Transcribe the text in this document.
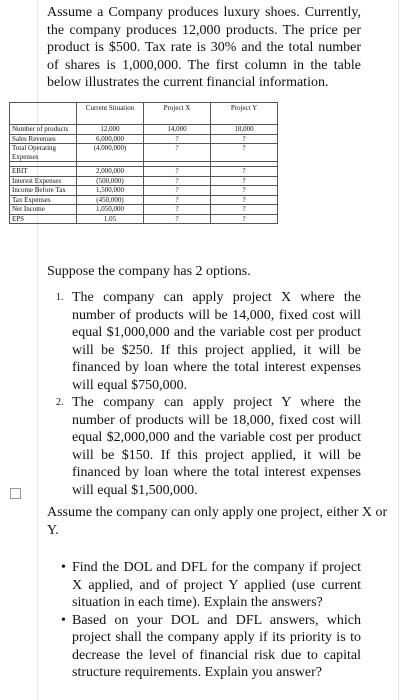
Assume a Company produces luxury shoes. Currently, the company produces 12,000 products. The price per product is $500. Tax rate is 30% and the total number of shares is 1,000,000. The first column in the table below illustrates the current financial information.

	Current Situation	Project X	Project Y
Number of products	12,000	14,000	18,000
Sales Revenues	6,000,000	?	?
Total Operating Expenses	(4,000,000)	?	?

EBIT	2,000,000	?	?
Interest Expenses	(500,000)	?	?
Income Before Tax	1,500,000	?	?
Tax Expenses	(450,000)	?	?
Net Income	1,050,000	?	?
EPS	1.05	?	?

Suppose the company has 2 options.

1. The company can apply project X where the number of products will be 14,000, fixed cost will equal $1,000,000 and the variable cost per product will be $250. If this project applied, it will be financed by loan where the total interest expenses will equal $750,000.
2. The company can apply project Y where the number of products will be 18,000, fixed cost will equal $2,000,000 and the variable cost per product will be $150. If this project applied, it will be financed by loan where the total interest expenses will equal $1,500,000.

Assume the company can only apply one project, either X or Y.

• Find the DOL and DFL for the company if project X applied, and of project Y applied (use current situation in each time). Explain the answers?
• Based on your DOL and DFL answers, which project shall the company apply if its priority is to decrease the level of financial risk due to capital structure requirements. Explain you answer?
